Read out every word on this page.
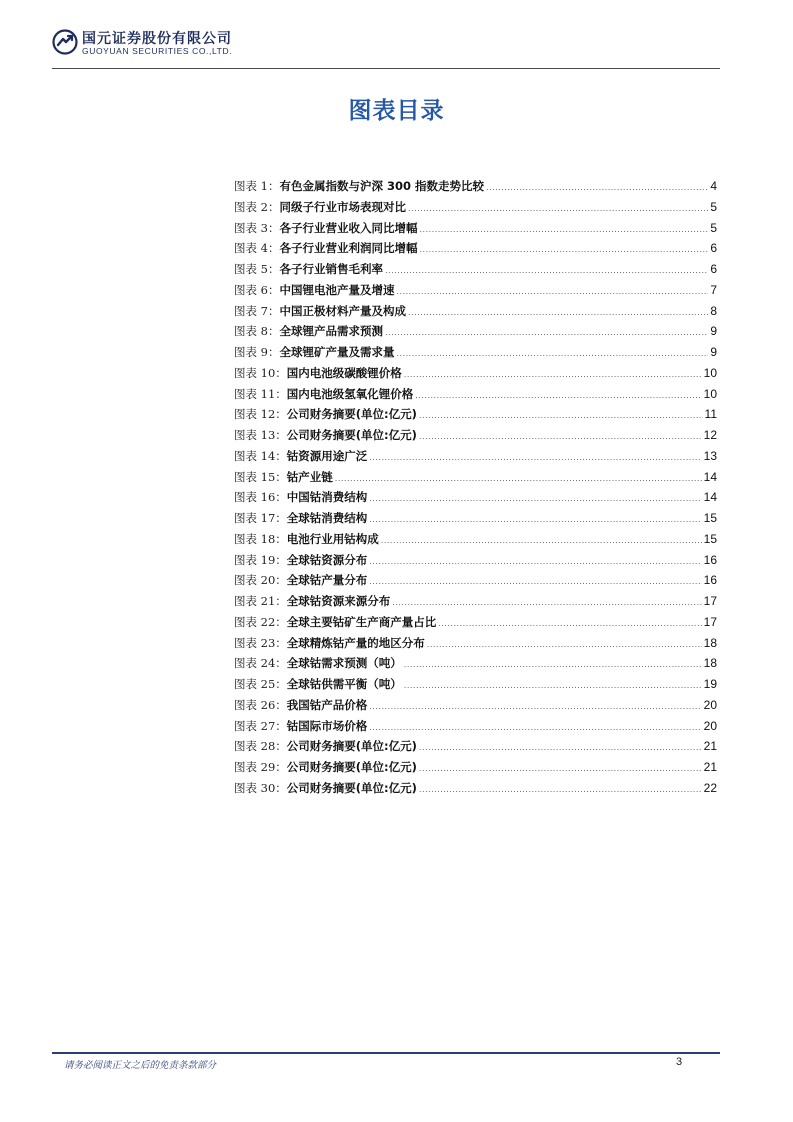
国元证券股份有限公司
GUOYUAN SECURITIES CO.,LTD.
图表目录
图表 1： 有色金属指数与沪深 300 指数走势比较 .....	4
图表 2： 同级子行业市场表现对比 .....	5
图表 3： 各子行业营业收入同比增幅 .....	5
图表 4： 各子行业营业利润同比增幅 .....	6
图表 5： 各子行业销售毛利率 .....	6
图表 6： 中国锂电池产量及增速 .....	7
图表 7： 中国正极材料产量及构成 .....	8
图表 8： 全球锂产品需求预测 .....	9
图表 9： 全球锂矿产量及需求量 .....	9
图表 10： 国内电池级碳酸锂价格 .....	10
图表 11： 国内电池级氢氧化锂价格 .....	10
图表 12： 公司财务摘要(单位:亿元) .....	11
图表 13： 公司财务摘要(单位:亿元) .....	12
图表 14： 钴资源用途广泛 .....	13
图表 15： 钴产业链 .....	14
图表 16： 中国钴消费结构 .....	14
图表 17： 全球钴消费结构 .....	15
图表 18： 电池行业用钴构成 .....	15
图表 19： 全球钴资源分布 .....	16
图表 20： 全球钴产量分布 .....	16
图表 21： 全球钴资源来源分布 .....	17
图表 22： 全球主要钴矿生产商产量占比 .....	17
图表 23： 全球精炼钴产量的地区分布 .....	18
图表 24： 全球钴需求预测（吨） .....	18
图表 25： 全球钴供需平衡（吨） .....	19
图表 26： 我国钴产品价格 .....	20
图表 27： 钴国际市场价格 .....	20
图表 28： 公司财务摘要(单位:亿元) .....	21
图表 29： 公司财务摘要(单位:亿元) .....	21
图表 30： 公司财务摘要(单位:亿元) .....	22
请务必阅读正文之后的免责条款部分	3
